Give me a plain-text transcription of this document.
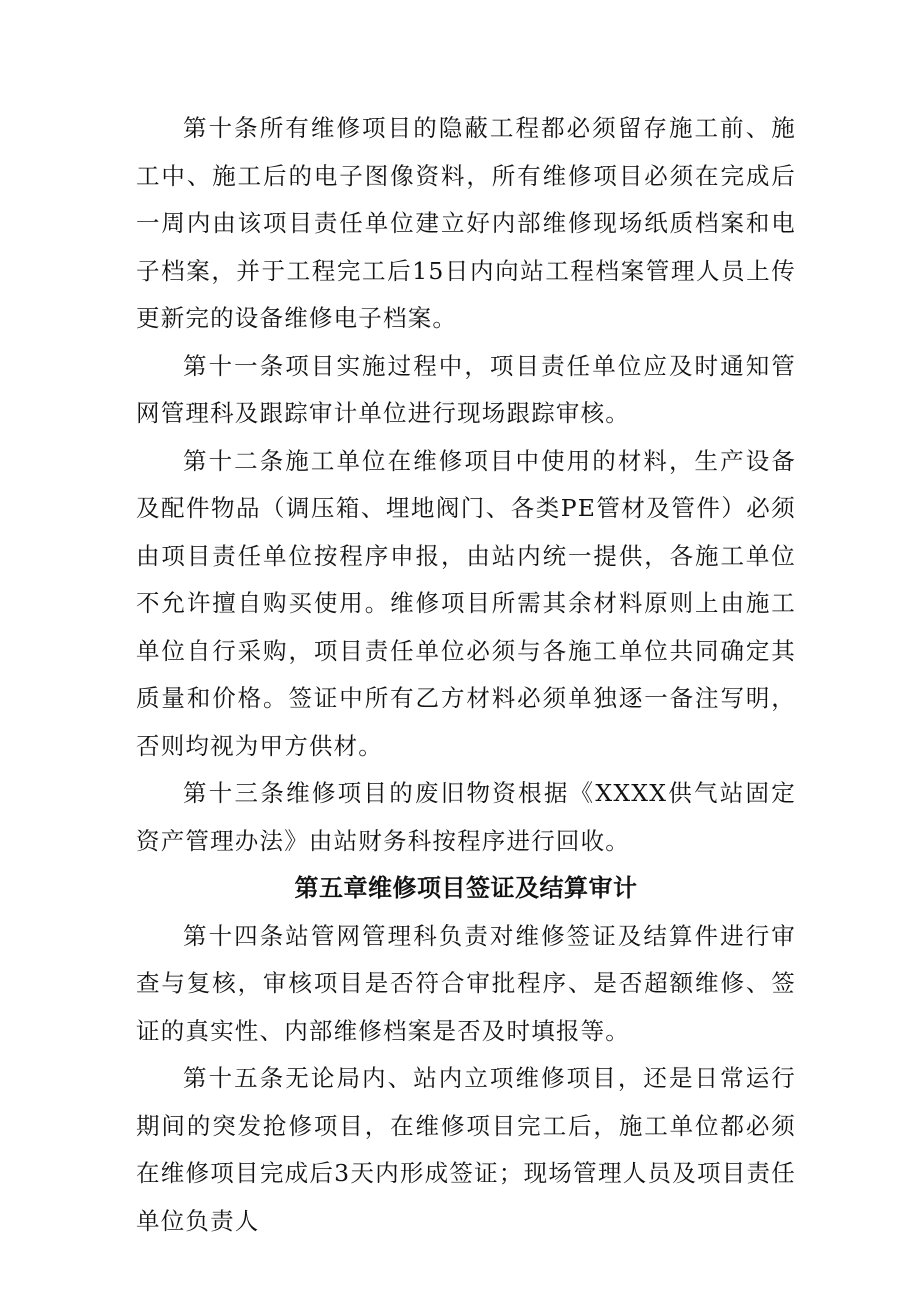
第十条所有维修项目的隐蔽工程都必须留存施工前、施工中、施工后的电子图像资料，所有维修项目必须在完成后一周内由该项目责任单位建立好内部维修现场纸质档案和电子档案，并于工程完工后15日内向站工程档案管理人员上传更新完的设备维修电子档案。

第十一条项目实施过程中，项目责任单位应及时通知管网管理科及跟踪审计单位进行现场跟踪审核。

第十二条施工单位在维修项目中使用的材料，生产设备及配件物品（调压箱、埋地阀门、各类PE管材及管件）必须由项目责任单位按程序申报，由站内统一提供，各施工单位不允许擅自购买使用。维修项目所需其余材料原则上由施工单位自行采购，项目责任单位必须与各施工单位共同确定其质量和价格。签证中所有乙方材料必须单独逐一备注写明，否则均视为甲方供材。

第十三条维修项目的废旧物资根据《XXXX供气站固定资产管理办法》由站财务科按程序进行回收。

第五章维修项目签证及结算审计

第十四条站管网管理科负责对维修签证及结算件进行审查与复核，审核项目是否符合审批程序、是否超额维修、签证的真实性、内部维修档案是否及时填报等。

第十五条无论局内、站内立项维修项目，还是日常运行期间的突发抢修项目，在维修项目完工后，施工单位都必须在维修项目完成后3天内形成签证；现场管理人员及项目责任单位负责人
